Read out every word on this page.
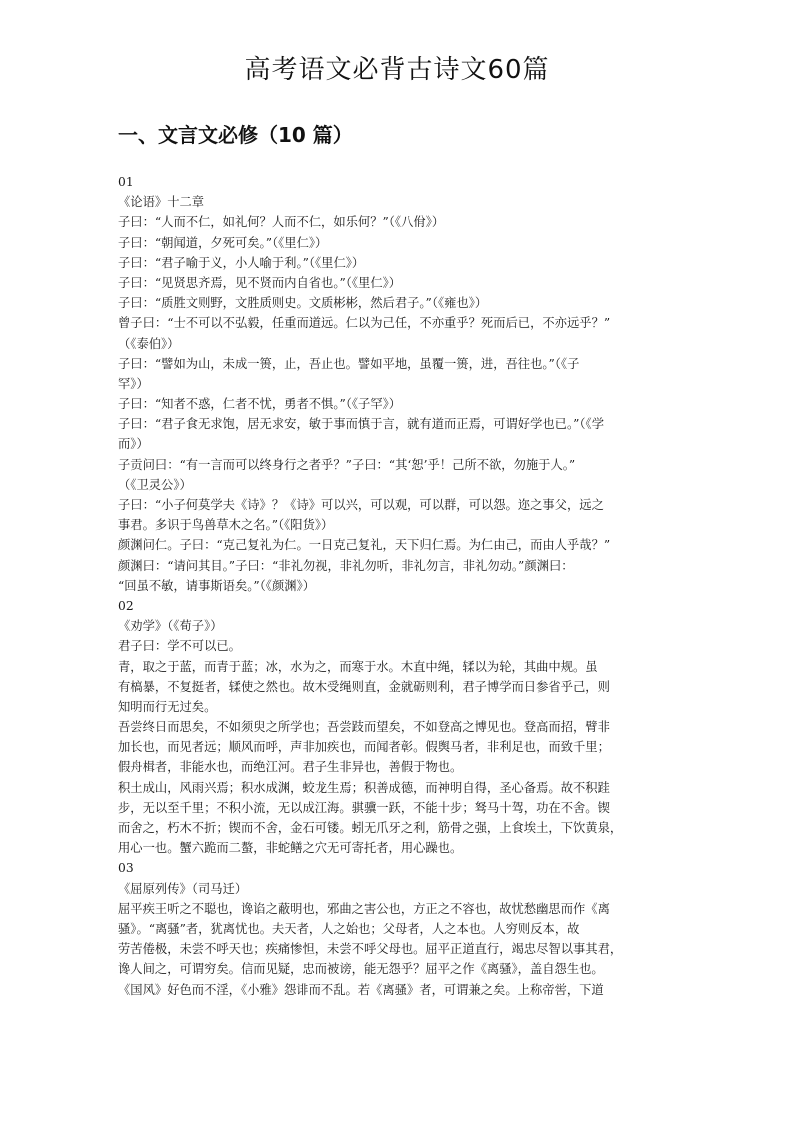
高考语文必背古诗文60篇
一、文言文必修（10 篇）
01
《论语》十二章
子曰：“人而不仁，如礼何？人而不仁，如乐何？”（《八佾》）
子曰：“朝闻道，夕死可矣。”（《里仁》）
子曰：“君子喻于义，小人喻于利。”（《里仁》）
子曰：“见贤思齐焉，见不贤而内自省也。”（《里仁》）
子曰：“质胜文则野，文胜质则史。文质彬彬，然后君子。”（《雍也》）
曾子曰：“士不可以不弘毅，任重而道远。仁以为己任，不亦重乎？死而后已，不亦远乎？”
（《泰伯》）
子曰：“譬如为山，未成一篑，止，吾止也。譬如平地，虽覆一篑，进，吾往也。”（《子
罕》）
子曰：“知者不惑，仁者不忧，勇者不惧。”（《子罕》）
子曰：“君子食无求饱，居无求安，敏于事而慎于言，就有道而正焉，可谓好学也已。”（《学
而》）
子贡问曰：“有一言而可以终身行之者乎？”子曰：“其‘恕’乎！己所不欲，勿施于人。”
（《卫灵公》）
子曰：“小子何莫学夫《诗》？《诗》可以兴，可以观，可以群，可以怨。迩之事父，远之
事君。多识于鸟兽草木之名。”（《阳货》）
颜渊问仁。子曰：“克己复礼为仁。一日克己复礼，天下归仁焉。为仁由己，而由人乎哉？”
颜渊曰：“请问其目。”子曰：“非礼勿视，非礼勿听，非礼勿言，非礼勿动。”颜渊曰：
“回虽不敏，请事斯语矣。”（《颜渊》）
02
《劝学》（《荀子》）
君子曰：学不可以已。
青，取之于蓝，而青于蓝；冰，水为之，而寒于水。木直中绳，𫐓以为轮，其曲中规。虽
有槁暴，不复挺者，𫐓使之然也。故木受绳则直，金就砺则利，君子博学而日参省乎己，则
知明而行无过矣。
吾尝终日而思矣，不如须臾之所学也；吾尝跂而望矣，不如登高之博见也。登高而招，臂非
加长也，而见者远；顺风而呼，声非加疾也，而闻者彰。假舆马者，非利足也，而致千里；
假舟楫者，非能水也，而绝江河。君子生非异也，善假于物也。
积土成山，风雨兴焉；积水成渊，蛟龙生焉；积善成德，而神明自得，圣心备焉。故不积跬
步，无以至千里；不积小流，无以成江海。骐骥一跃，不能十步；驽马十驾，功在不舍。锲
而舍之，朽木不折；锲而不舍，金石可镂。蚓无爪牙之利，筋骨之强，上食埃土，下饮黄泉，
用心一也。蟹六跪而二螯，非蛇鳝之穴无可寄托者，用心躁也。
03
《屈原列传》（司马迁）
屈平疾王听之不聪也，谗谄之蔽明也，邪曲之害公也，方正之不容也，故忧愁幽思而作《离
骚》。“离骚”者，犹离忧也。夫天者，人之始也；父母者，人之本也。人穷则反本，故
劳苦倦极，未尝不呼天也；疾痛惨怛，未尝不呼父母也。屈平正道直行，竭忠尽智以事其君，
谗人间之，可谓穷矣。信而见疑，忠而被谤，能无怨乎？屈平之作《离骚》，盖自怨生也。
《国风》好色而不淫，《小雅》怨诽而不乱。若《离骚》者，可谓兼之矣。上称帝喾，下道
